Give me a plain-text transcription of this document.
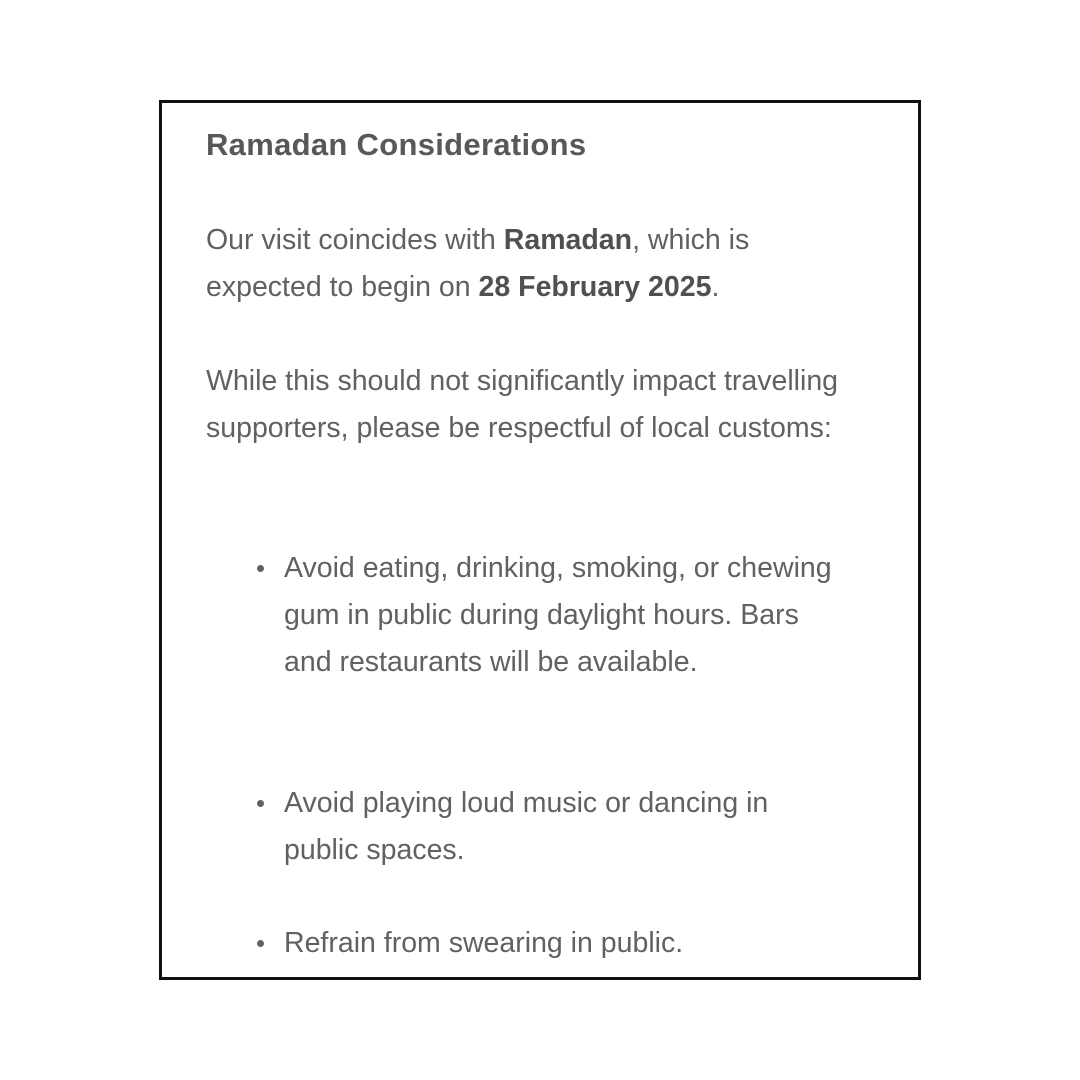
Ramadan Considerations

Our visit coincides with Ramadan, which is expected to begin on 28 February 2025.

While this should not significantly impact travelling supporters, please be respectful of local customs:

Avoid eating, drinking, smoking, or chewing gum in public during daylight hours. Bars and restaurants will be available.
Avoid playing loud music or dancing in public spaces.
Refrain from swearing in public.
